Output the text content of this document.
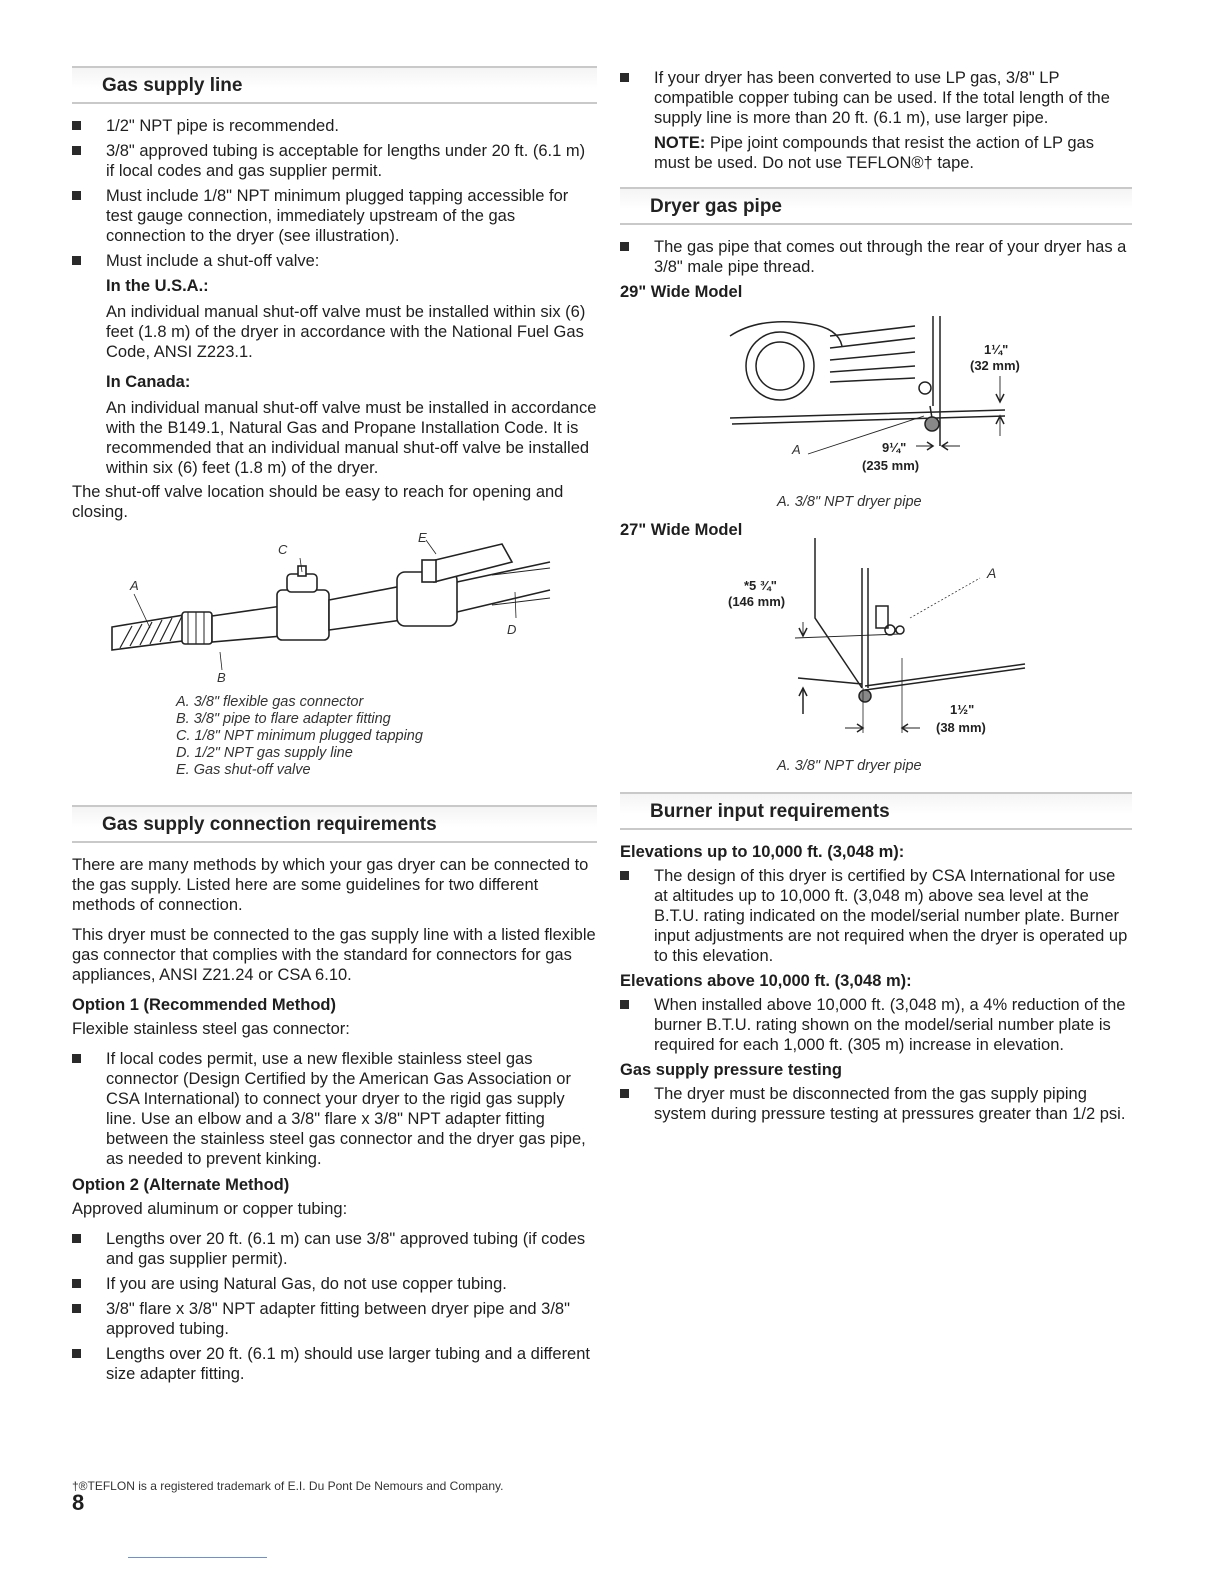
Gas supply line
1/2" NPT pipe is recommended.
3/8" approved tubing is acceptable for lengths under 20 ft. (6.1 m) if local codes and gas supplier permit.
Must include 1/8" NPT minimum plugged tapping accessible for test gauge connection, immediately upstream of the gas connection to the dryer (see illustration).
Must include a shut-off valve:
In the U.S.A.:

An individual manual shut-off valve must be installed within six (6) feet (1.8 m) of the dryer in accordance with the National Fuel Gas Code, ANSI Z223.1.

In Canada:

An individual manual shut-off valve must be installed in accordance with the B149.1, Natural Gas and Propane Installation Code. It is recommended that an individual manual shut-off valve be installed within six (6) feet (1.8 m) of the dryer.

The shut-off valve location should be easy to reach for opening and closing.

A
B
C
E
D
A. 3/8" flexible gas connector
B. 3/8" pipe to flare adapter fitting
C. 1/8" NPT minimum plugged tapping
D. 1/2" NPT gas supply line
E. Gas shut-off valve
Gas supply connection requirements

There are many methods by which your gas dryer can be connected to the gas supply. Listed here are some guidelines for two different methods of connection.

This dryer must be connected to the gas supply line with a listed flexible gas connector that complies with the standard for connectors for gas appliances, ANSI Z21.24 or CSA 6.10.

Option 1 (Recommended Method)

Flexible stainless steel gas connector:

If local codes permit, use a new flexible stainless steel gas connector (Design Certified by the American Gas Association or CSA International) to connect your dryer to the rigid gas supply line. Use an elbow and a 3/8" flare x 3/8" NPT adapter fitting between the stainless steel gas connector and the dryer gas pipe, as needed to prevent kinking.
Option 2 (Alternate Method)

Approved aluminum or copper tubing:

Lengths over 20 ft. (6.1 m) can use 3/8" approved tubing (if codes and gas supplier permit).
If you are using Natural Gas, do not use copper tubing.
3/8" flare x 3/8" NPT adapter fitting between dryer pipe and 3/8" approved tubing.
Lengths over 20 ft. (6.1 m) should use larger tubing and a different size adapter fitting.
If your dryer has been converted to use LP gas, 3/8" LP compatible copper tubing can be used. If the total length of the supply line is more than 20 ft. (6.1 m), use larger pipe.

NOTE: Pipe joint compounds that resist the action of LP gas must be used. Do not use TEFLON®† tape.

Dryer gas pipe
The gas pipe that comes out through the rear of your dryer has a 3/8" male pipe thread.
29" Wide Model
1¼"
(32 mm)
9¼"
(235 mm)
A
A. 3/8" NPT dryer pipe
27" Wide Model
*5 ¾"
(146 mm)
1½"
(38 mm)
A
A. 3/8" NPT dryer pipe
Burner input requirements
Elevations up to 10,000 ft. (3,048 m):
The design of this dryer is certified by CSA International for use at altitudes up to 10,000 ft. (3,048 m) above sea level at the B.T.U. rating indicated on the model/serial number plate. Burner input adjustments are not required when the dryer is operated up to this elevation.
Elevations above 10,000 ft. (3,048 m):
When installed above 10,000 ft. (3,048 m), a 4% reduction of the burner B.T.U. rating shown on the model/serial number plate is required for each 1,000 ft. (305 m) increase in elevation.
Gas supply pressure testing
The dryer must be disconnected from the gas supply piping system during pressure testing at pressures greater than 1/2 psi.
†®TEFLON is a registered trademark of E.I. Du Pont De Nemours and Company.
8
